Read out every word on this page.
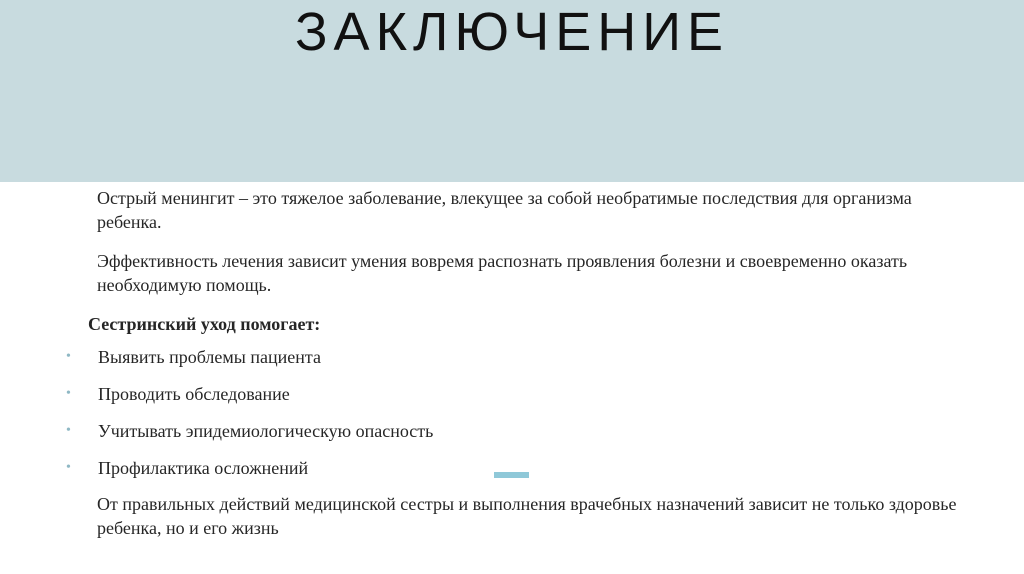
ЗАКЛЮЧЕНИЕ

Острый менингит – это тяжелое заболевание, влекущее за собой необратимые последствия для организма ребенка.

Эффективность лечения зависит умения вовремя распознать проявления болезни и своевременно оказать необходимую помощь.

Сестринский уход помогает:

• Выявить проблемы пациента
• Проводить обследование
• Учитывать эпидемиологическую опасность
• Профилактика осложнений

От правильных действий медицинской сестры и выполнения врачебных назначений зависит не только здоровье ребенка, но и его жизнь
